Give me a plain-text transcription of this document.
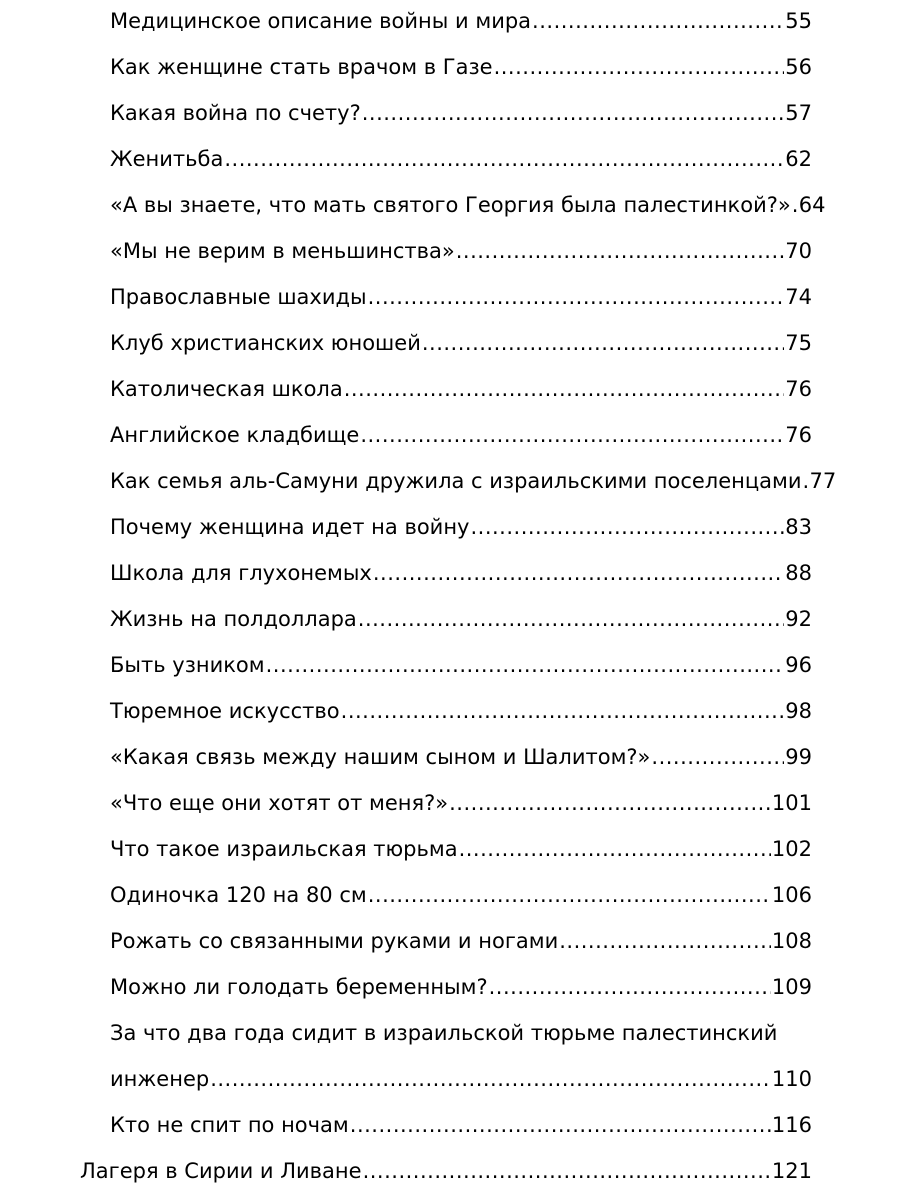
Медицинское описание войны и мира .....	55
Как женщине стать врачом в Газе .....	56
Какая война по счету? .....	57
Женитьба .....	62
«А вы знаете, что мать святого Георгия была палестинкой?» ..... 64
«Мы не верим в меньшинства» .....	70
Православные шахиды .....	74
Клуб христианских юношей .....	75
Католическая школа .....	76
Английское кладбище .....	76
Как семья аль-Самуни дружила с израильскими поселенцами ..... 77
Почему женщина идет на войну .....	83
Школа для глухонемых .....	88
Жизнь на полдоллара .....	92
Быть узником .....	96
Тюремное искусство .....	98
«Какая связь между нашим сыном и Шалитом?» .....	99
«Что еще они хотят от меня?» .....	101
Что такое израильская тюрьма .....	102
Одиночка 120 на 80 см .....	106
Рожать со связанными руками и ногами .....	108
Можно ли голодать беременным? .....	109
За что два года сидит в израильской тюрьме палестинский
инженер .....	110
Кто не спит по ночам .....	116
Лагеря в Сирии и Ливане .....	121
